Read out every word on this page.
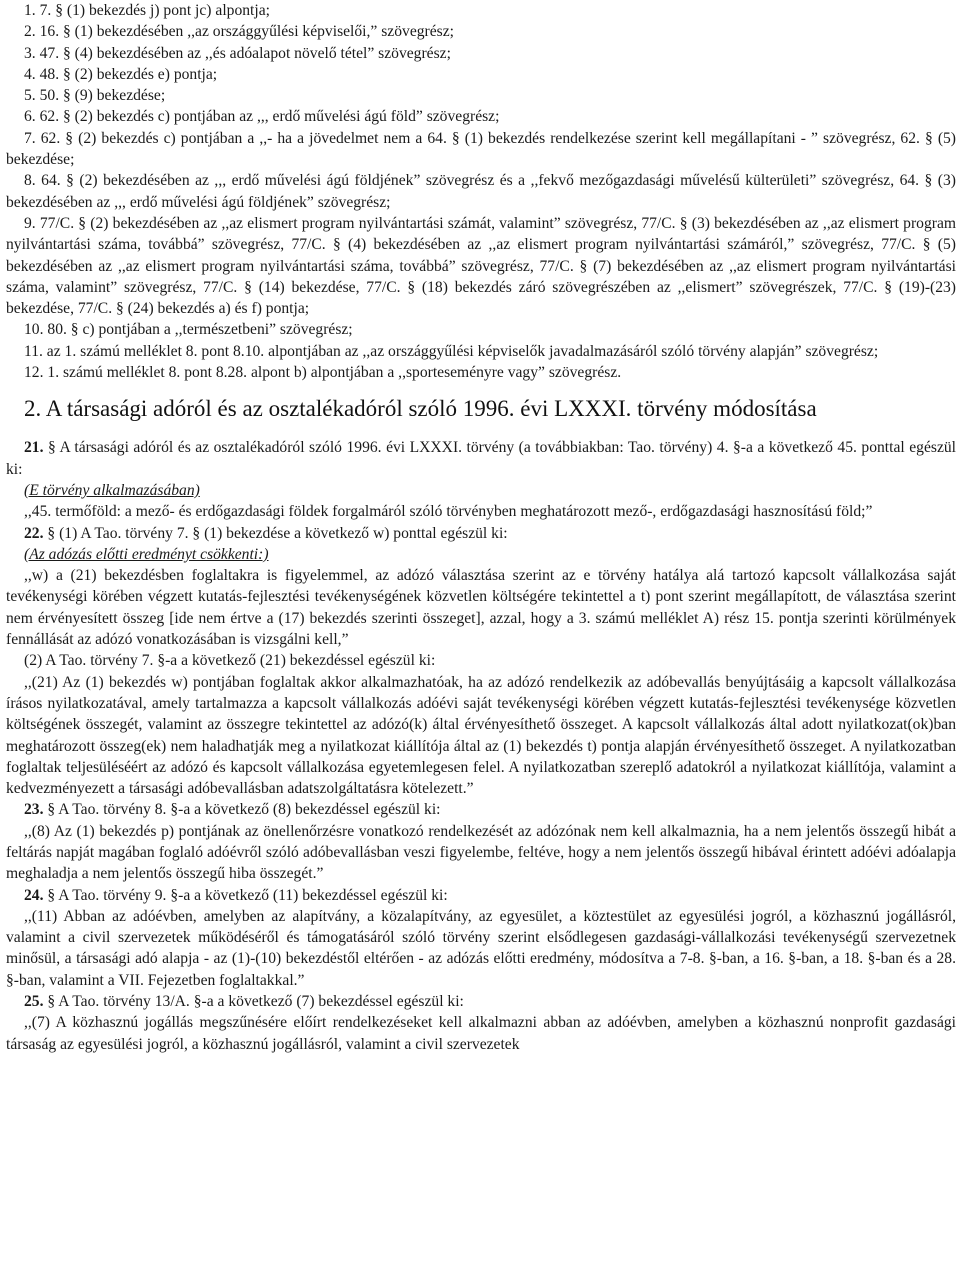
1. 7. § (1) bekezdés j) pont jc) alpontja;

2. 16. § (1) bekezdésében ,,az országgyűlési képviselői,” szövegrész;

3. 47. § (4) bekezdésében az ,,és adóalapot növelő tétel” szövegrész;

4. 48. § (2) bekezdés e) pontja;

5. 50. § (9) bekezdése;

6. 62. § (2) bekezdés c) pontjában az ,,, erdő művelési ágú föld” szövegrész;

7. 62. § (2) bekezdés c) pontjában a ,,- ha a jövedelmet nem a 64. § (1) bekezdés rendelkezése szerint kell megállapítani - ” szövegrész, 62. § (5) bekezdése;

8. 64. § (2) bekezdésében az ,,, erdő művelési ágú földjének” szövegrész és a ,,fekvő mezőgazdasági művelésű külterületi” szövegrész, 64. § (3) bekezdésében az ,,, erdő művelési ágú földjének” szövegrész;

9. 77/C. § (2) bekezdésében az ,,az elismert program nyilvántartási számát, valamint” szövegrész, 77/C. § (3) bekezdésében az ,,az elismert program nyilvántartási száma, továbbá” szövegrész, 77/C. § (4) bekezdésében az ,,az elismert program nyilvántartási számáról,” szövegrész, 77/C. § (5) bekezdésében az ,,az elismert program nyilvántartási száma, továbbá” szövegrész, 77/C. § (7) bekezdésében az ,,az elismert program nyilvántartási száma, valamint” szövegrész, 77/C. § (14) bekezdése, 77/C. § (18) bekezdés záró szövegrészében az ,,elismert” szövegrészek, 77/C. § (19)-(23) bekezdése, 77/C. § (24) bekezdés a) és f) pontja;

10. 80. § c) pontjában a ,,természetbeni” szövegrész;

11. az 1. számú melléklet 8. pont 8.10. alpontjában az ,,az országgyűlési képviselők javadalmazásáról szóló törvény alapján” szövegrész;

12. 1. számú melléklet 8. pont 8.28. alpont b) alpontjában a ,,sporteseményre vagy” szövegrész.

2. A társasági adóról és az osztalékadóról szóló 1996. évi LXXXI. törvény módosítása

21. § A társasági adóról és az osztalékadóról szóló 1996. évi LXXXI. törvény (a továbbiakban: Tao. törvény) 4. §-a a következő 45. ponttal egészül ki:

(E törvény alkalmazásában)

,,45. termőföld: a mező- és erdőgazdasági földek forgalmáról szóló törvényben meghatározott mező-, erdőgazdasági hasznosítású föld;”

22. § (1) A Tao. törvény 7. § (1) bekezdése a következő w) ponttal egészül ki:

(Az adózás előtti eredményt csökkenti:)

,,w) a (21) bekezdésben foglaltakra is figyelemmel, az adózó választása szerint az e törvény hatálya alá tartozó kapcsolt vállalkozása saját tevékenységi körében végzett kutatás-fejlesztési tevékenységének közvetlen költségére tekintettel a t) pont szerint megállapított, de választása szerint nem érvényesített összeg [ide nem értve a (17) bekezdés szerinti összeget], azzal, hogy a 3. számú melléklet A) rész 15. pontja szerinti körülmények fennállását az adózó vonatkozásában is vizsgálni kell,”

(2) A Tao. törvény 7. §-a a következő (21) bekezdéssel egészül ki:

,,(21) Az (1) bekezdés w) pontjában foglaltak akkor alkalmazhatóak, ha az adózó rendelkezik az adóbevallás benyújtásáig a kapcsolt vállalkozása írásos nyilatkozatával, amely tartalmazza a kapcsolt vállalkozás adóévi saját tevékenységi körében végzett kutatás-fejlesztési tevékenysége közvetlen költségének összegét, valamint az összegre tekintettel az adózó(k) által érvényesíthető összeget. A kapcsolt vállalkozás által adott nyilatkozat(ok)ban meghatározott összeg(ek) nem haladhatják meg a nyilatkozat kiállítója által az (1) bekezdés t) pontja alapján érvényesíthető összeget. A nyilatkozatban foglaltak teljesüléséért az adózó és kapcsolt vállalkozása egyetemlegesen felel. A nyilatkozatban szereplő adatokról a nyilatkozat kiállítója, valamint a kedvezményezett a társasági adóbevallásban adatszolgáltatásra kötelezett.”

23. § A Tao. törvény 8. §-a a következő (8) bekezdéssel egészül ki:

,,(8) Az (1) bekezdés p) pontjának az önellenőrzésre vonatkozó rendelkezését az adózónak nem kell alkalmaznia, ha a nem jelentős összegű hibát a feltárás napját magában foglaló adóévről szóló adóbevallásban veszi figyelembe, feltéve, hogy a nem jelentős összegű hibával érintett adóévi adóalapja meghaladja a nem jelentős összegű hiba összegét.”

24. § A Tao. törvény 9. §-a a következő (11) bekezdéssel egészül ki:

,,(11) Abban az adóévben, amelyben az alapítvány, a közalapítvány, az egyesület, a köztestület az egyesülési jogról, a közhasznú jogállásról, valamint a civil szervezetek működéséről és támogatásáról szóló törvény szerint elsődlegesen gazdasági-vállalkozási tevékenységű szervezetnek minősül, a társasági adó alapja - az (1)-(10) bekezdéstől eltérően - az adózás előtti eredmény, módosítva a 7-8. §-ban, a 16. §-ban, a 18. §-ban és a 28. §-ban, valamint a VII. Fejezetben foglaltakkal.”

25. § A Tao. törvény 13/A. §-a a következő (7) bekezdéssel egészül ki:

,,(7) A közhasznú jogállás megszűnésére előírt rendelkezéseket kell alkalmazni abban az adóévben, amelyben a közhasznú nonprofit gazdasági társaság az egyesülési jogról, a közhasznú jogállásról, valamint a civil szervezetek
